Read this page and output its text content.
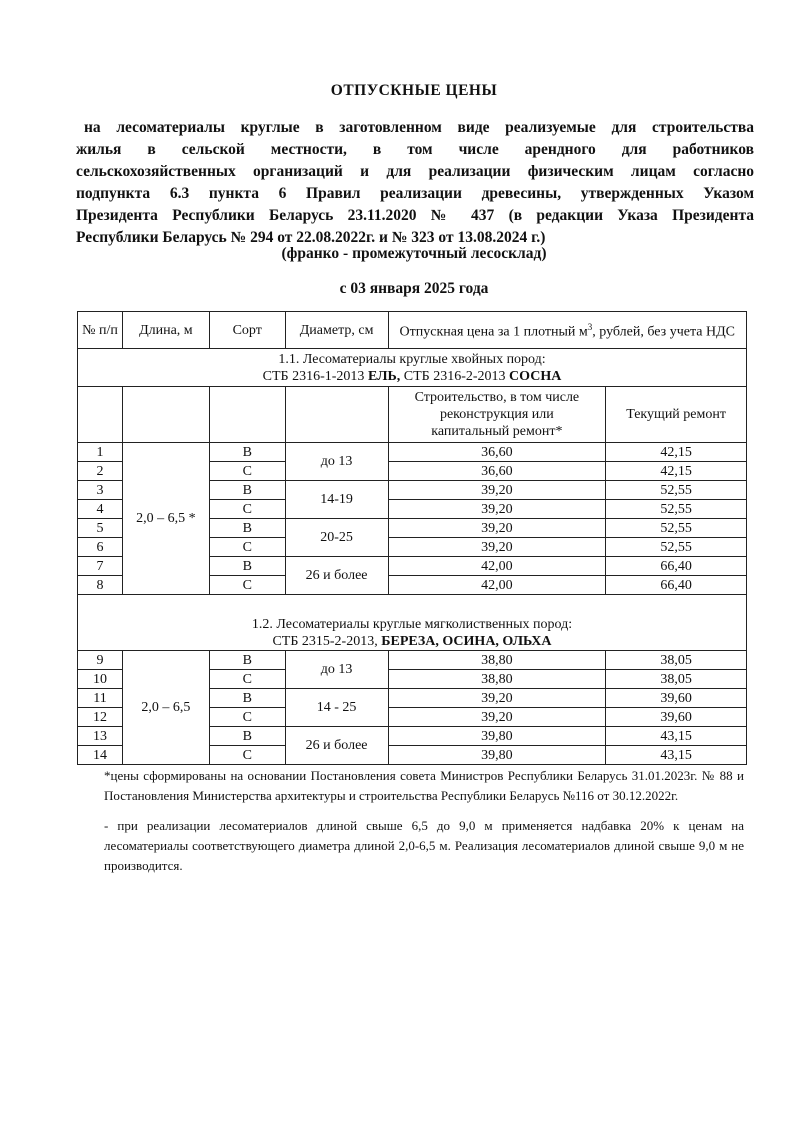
ОТПУСКНЫЕ ЦЕНЫ
на лесоматериалы круглые в заготовленном виде реализуемые для строительства
жилья в сельской местности, в том числе арендного для работников
сельскохозяйственных организаций и для реализации физическим лицам согласно
подпункта 6.3 пункта 6 Правил реализации древесины, утвержденных Указом
Президента Республики Беларусь 23.11.2020 № 437 (в редакции Указа Президента
Республики Беларусь № 294 от 22.08.2022г. и № 323 от 13.08.2024 г.)
(франко - промежуточный лесосклад)
с 03 января 2025 года
№ п/п	Длина, м	Сорт	Диаметр, см	Отпускная цена за 1 плотный $м^3$, рублей, без учета НДС	

1.1. Лесоматериалы круглые хвойных пород:
СТБ 2316-1-2013 ЕЛЬ, СТБ 2316-2-2013 СОСНА					

				Строительство, в том числе реконструкция или капитальный ремонт*	Текущий ремонт
1	2,0 – 6,5 *	В	до 13	36,60	42,15
2		С		36,60	42,15
3		В	14-19	39,20	52,55
4		С		39,20	52,55
5		В	20-25	39,20	52,55
6		С		39,20	52,55
7		В	26 и более	42,00	66,40
8		С		42,00	66,40

1.2. Лесоматериалы круглые мягколиственных пород:
СТБ 2315-2-2013, БЕРЕЗА, ОСИНА, ОЛЬХА					

9	2,0 – 6,5	В	до 13	38,80	38,05
10		С		38,80	38,05
11		В	14 - 25	39,20	39,60
12		С		39,20	39,60
13		В	26 и более	39,80	43,15
14		С		39,80	43,15

*цены сформированы на основании Постановления совета Министров Республики Беларусь 31.01.2023г. № 88 и Постановления Министерства архитектуры и строительства Республики Беларусь №116 от 30.12.2022г.

- при реализации лесоматериалов длиной свыше 6,5 до 9,0 м применяется надбавка 20% к ценам на лесоматериалы соответствующего диаметра длиной 2,0-6,5 м. Реализация лесоматериалов длиной свыше 9,0 м не производится.
